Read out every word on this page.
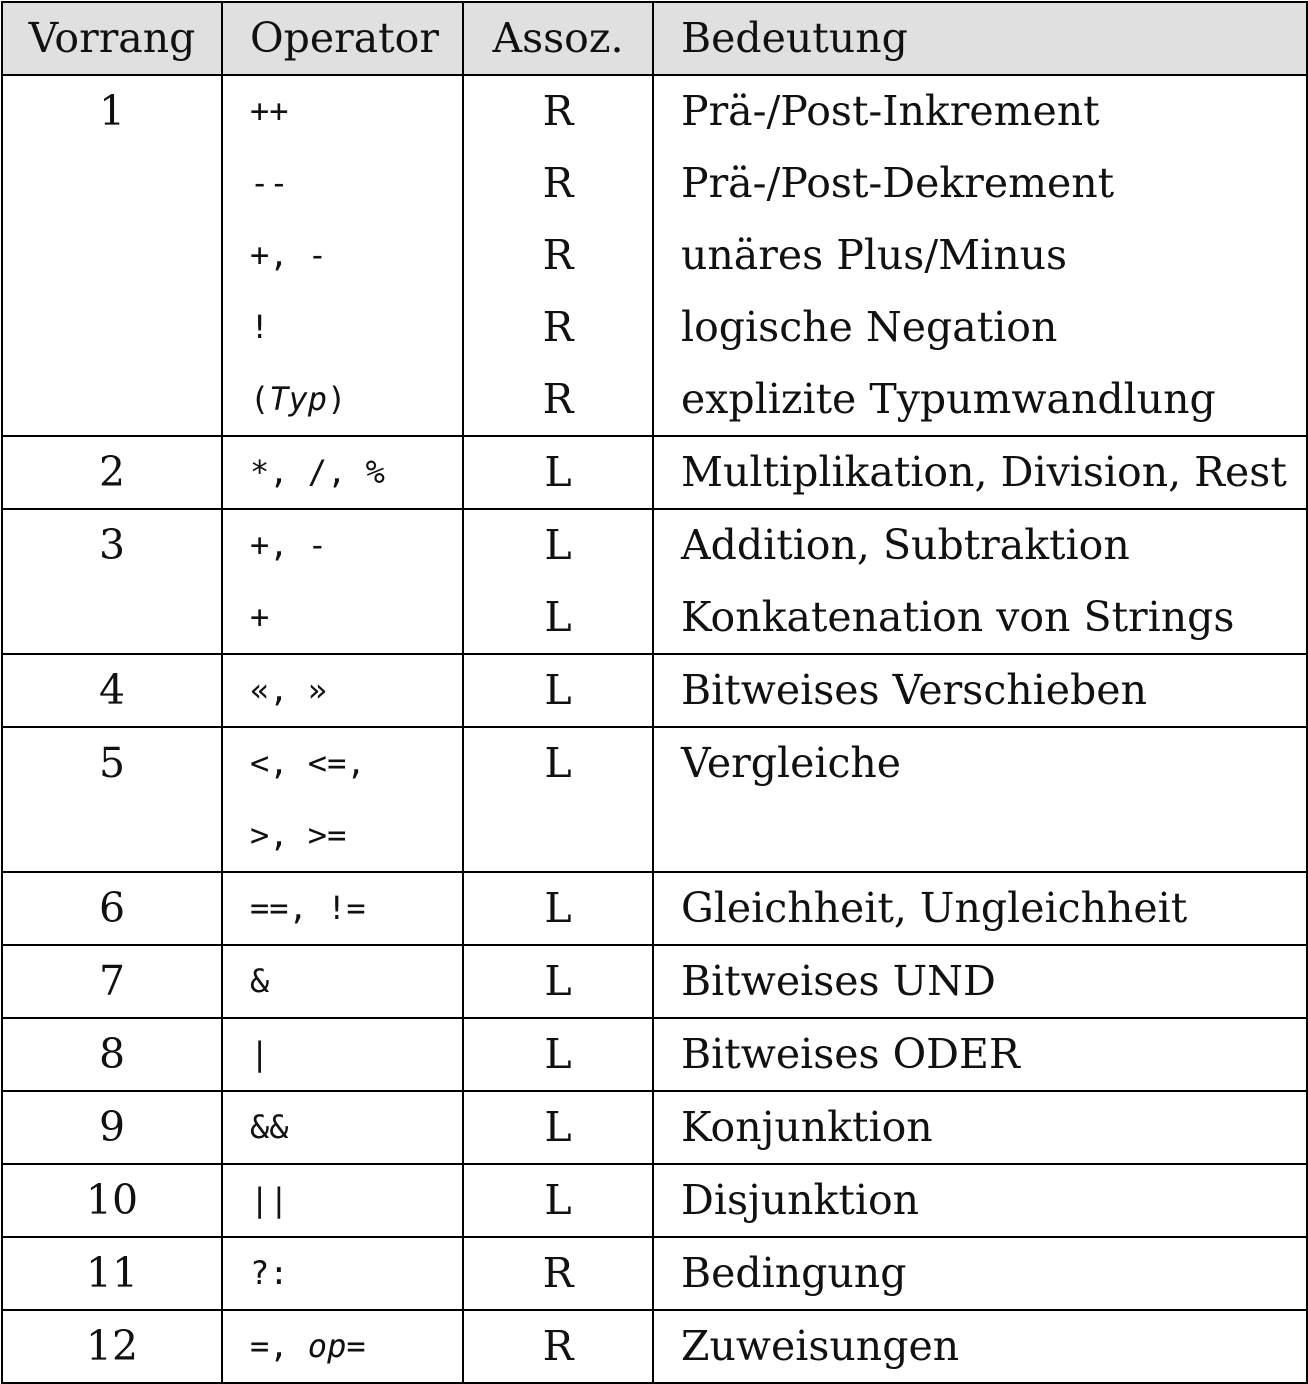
Vorrang	Operator	Assoz.	Bedeutung
1	++	R	Prä-/Post-Inkrement
	--	R	Prä-/Post-Dekrement
	+, -	R	unäres Plus/Minus
	!	R	logische Negation
	(Typ)	R	explizite Typumwandlung
2	*, /, %	L	Multiplikation, Division, Rest
3	+, -	L	Addition, Subtraktion
	+	L	Konkatenation von Strings
4	«, »	L	Bitweises Verschieben
5	<, <=,	L	Vergleiche
	>, >=		
6	==, !=	L	Gleichheit, Ungleichheit
7	&	L	Bitweises UND
8	|	L	Bitweises ODER
9	&&	L	Konjunktion
10	||	L	Disjunktion
11	?:	R	Bedingung
12	=, op=	R	Zuweisungen
